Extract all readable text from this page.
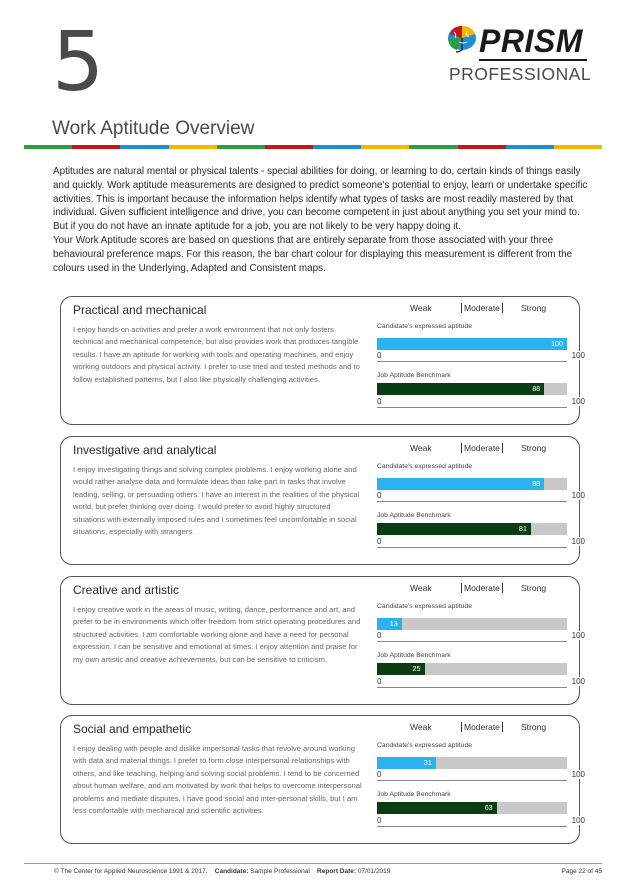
5
Work Aptitude Overview
PRISM
PROFESSIONAL

Aptitudes are natural mental or physical talents - special abilities for doing, or learning to do, certain kinds of things easily and quickly. Work aptitude measurements are designed to predict someone's potential to enjoy, learn or undertake specific activities. This is important because the information helps identify what types of tasks are most readily mastered by that individual. Given sufficient intelligence and drive, you can become competent in just about anything you set your mind to. But if you do not have an innate aptitude for a job, you are not likely to be very happy doing it.

Your Work Aptitude scores are based on questions that are entirely separate from those associated with your three behavioural preference maps. For this reason, the bar chart colour for displaying this measurement is different from the colours used in the Underlying, Adapted and Consistent maps.

Practical and mechanical
I enjoy hands-on activities and prefer a work environment that not only fosters technical and mechanical competence, but also provides work that produces tangible results. I have an aptitude for working with tools and operating machines, and enjoy working outdoors and physical activity. I prefer to use tried and tested methods and to follow established patterns, but I also like physically challenging activities.
Weak	Moderate	Strong
Candidate's expressed aptitude
100
0	100
Job Aptitude Benchmark
88
0	100
Investigative and analytical
I enjoy investigating things and solving complex problems. I enjoy working alone and would rather analyse data and formulate ideas than take part in tasks that involve leading, selling, or persuading others. I have an interest in the realities of the physical world, but prefer thinking over doing. I would prefer to avoid highly structured situations with externally imposed rules and I sometimes feel uncomfortable in social situations, especially with strangers.
Weak	Moderate	Strong
Candidate's expressed aptitude
88
0	100
Job Aptitude Benchmark
81
0	100
Creative and artistic
I enjoy creative work in the areas of music, writing, dance, performance and art, and prefer to be in environments which offer freedom from strict operating procedures and structured activities. I am comfortable working alone and have a need for personal expression. I can be sensitive and emotional at times. I enjoy attention and praise for my own artistic and creative achievements, but can be sensitive to criticism.
Weak	Moderate	Strong
Candidate's expressed aptitude
13
0	100
Job Aptitude Benchmark
25
0	100
Social and empathetic
I enjoy dealing with people and dislike impersonal tasks that revolve around working with data and material things. I prefer to form close interpersonal relationships with others, and like teaching, helping and solving social problems. I tend to be concerned about human welfare, and am motivated by work that helps to overcome interpersonal problems and mediate disputes. I have good social and inter-personal skills, but I am less comfortable with mechanical and scientific activities.
Weak	Moderate	Strong
Candidate's expressed aptitude
31
0	100
Job Aptitude Benchmark
63
0	100
© The Center for Applied Neuroscience 1991 & 2017. Candidate: Sample Professional Report Date: 07/01/2019	Page 22 of 45
